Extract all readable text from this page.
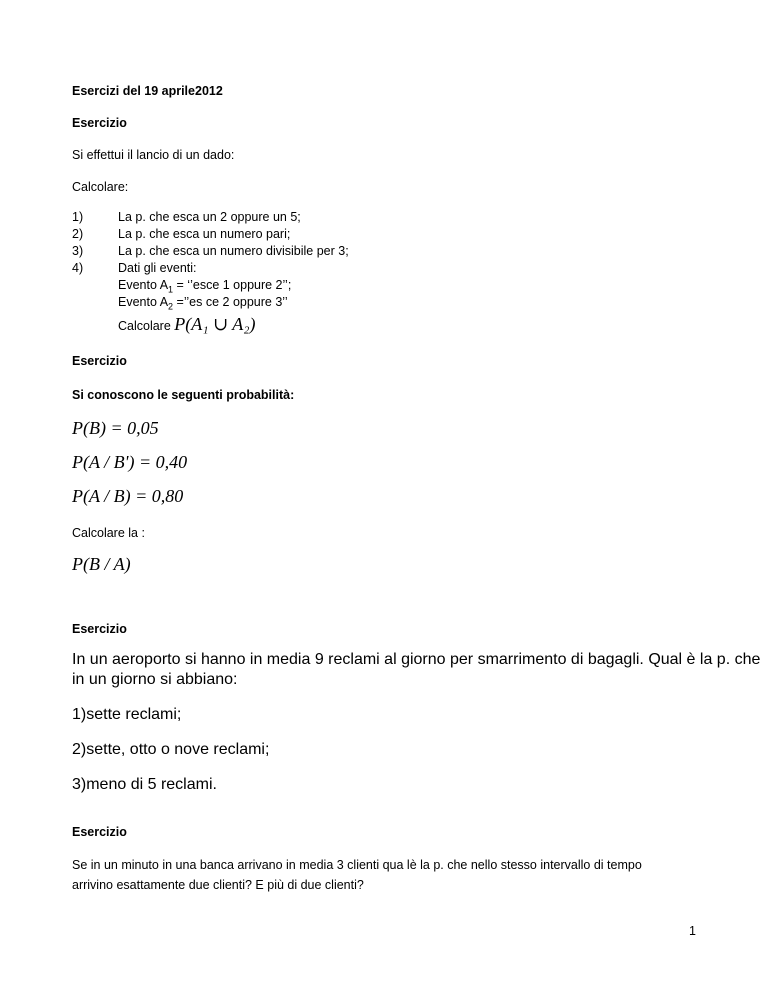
Esercizi del 19 aprile2012
Esercizio
Si effettui il lancio di un dado:
Calcolare:
1)	La p. che esca un 2 oppure un 5;
2)	La p. che esca un numero pari;
3)	La p. che esca un numero divisibile per 3;
4)	Dati gli eventi:
Evento $A_1$ = ‘’esce 1 oppure 2’’;
Evento $A_2$ =’’es ce 2 oppure 3’’
Calcolare P(A₁ ∪ A₂)
Esercizio
Si conoscono le seguenti probabilità:
P(B) = 0,05
P(A / B') = 0,40
P(A / B) = 0,80
Calcolare la :
P(B / A)
Esercizio
In un aeroporto si hanno in media 9 reclami al giorno per smarrimento di bagagli. Qual è la p. che
in un giorno si abbiano:
1)sette reclami;
2)sette, otto o nove reclami;
3)meno di 5 reclami.
Esercizio
Se in un minuto in una banca arrivano in media 3 clienti qua lè la p. che nello stesso intervallo di tempo
arrivino esattamente due clienti? E più di due clienti?
1
